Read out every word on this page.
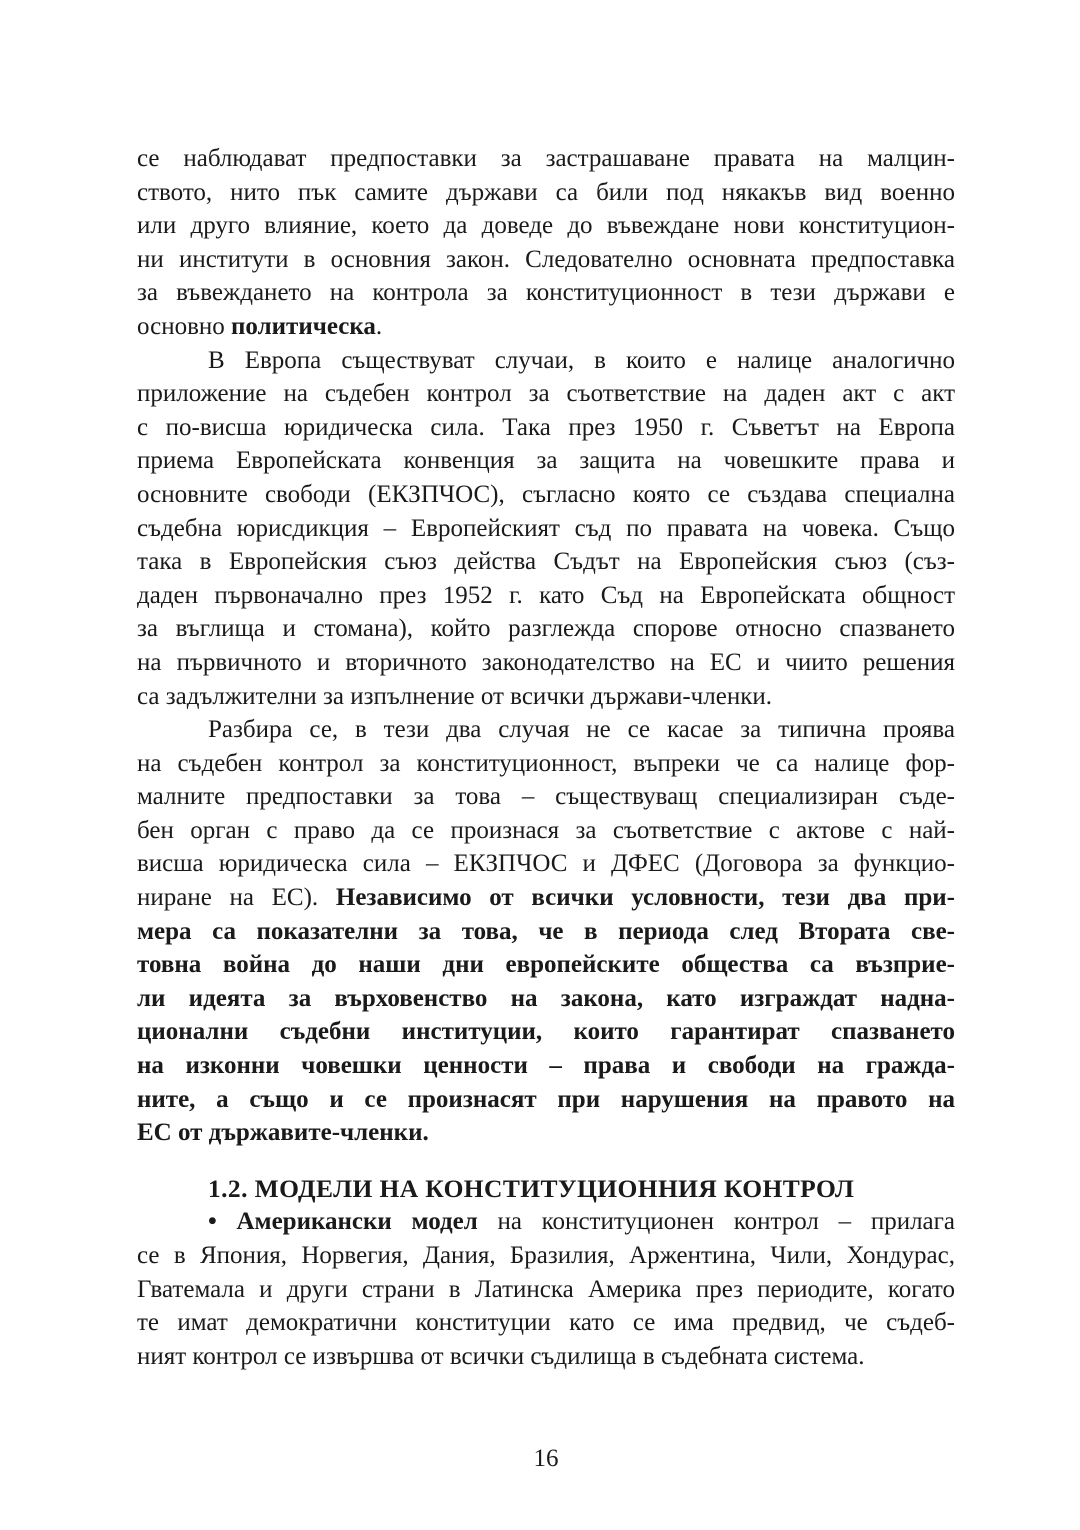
се наблюдават предпоставки за застрашаване правата на малцин-
ството, нито пък самите държави са били под някакъв вид военно
или друго влияние, което да доведе до въвеждане нови конституцион-
ни институти в основния закон. Следователно основната предпоставка
за въвеждането на контрола за конституционност в тези държави е
основно политическа.

В Европа съществуват случаи, в които е налице аналогично
приложение на съдебен контрол за съответствие на даден акт с акт
с по-висша юридическа сила. Така през 1950 г. Съветът на Европа
приема Европейската конвенция за защита на човешките права и
основните свободи (ЕКЗПЧОС), съгласно която се създава специална
съдебна юрисдикция – Европейският съд по правата на човека. Също
така в Европейския съюз действа Съдът на Европейския съюз (съз-
даден първоначално през 1952 г. като Съд на Европейската общност
за въглища и стомана), който разглежда спорове относно спазването
на първичното и вторичното законодателство на ЕС и чиито решения
са задължителни за изпълнение от всички държави-членки.

Разбира се, в тези два случая не се касае за типична проява
на съдебен контрол за конституционност, въпреки че са налице фор-
малните предпоставки за това – съществуващ специализиран съде-
бен орган с право да се произнася за съответствие с актове с най-
висша юридическа сила – ЕКЗПЧОС и ДФЕС (Договора за функцио-
ниране на ЕС). Независимо от всички условности, тези два при-
мера са показателни за това, че в периода след Втората све-
товна война до наши дни европейските общества са възприе-
ли идеята за върховенство на закона, като изграждат надна-
ционални съдебни институции, които гарантират спазването
на изконни човешки ценности – права и свободи на гражда-
ните, а също и се произнасят при нарушения на правото на
ЕС от държавите-членки.

1.2. МОДЕЛИ НА КОНСТИТУЦИОННИЯ КОНТРОЛ

• Американски модел на конституционен контрол – прилага
се в Япония, Норвегия, Дания, Бразилия, Аржентина, Чили, Хондурас,
Гватемала и други страни в Латинска Америка през периодите, когато
те имат демократични конституции като се има предвид, че съдеб-
ният контрол се извършва от всички съдилища в съдебната система.

16
